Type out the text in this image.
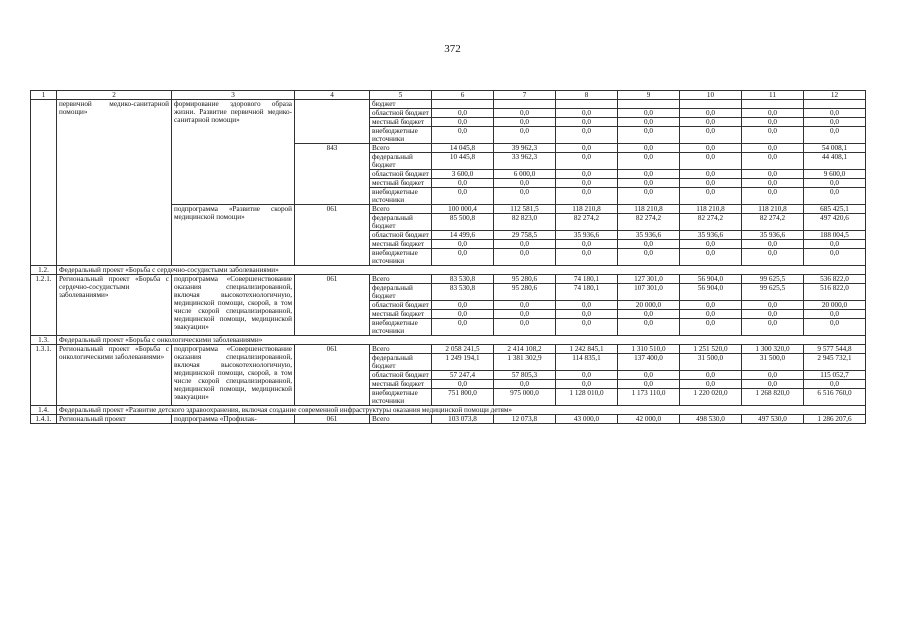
372
1	2	3	4	5	6	7	8	9	10	11	12
	первичной медико-санитарной помощи»	формирование здорового образа жизни. Развитие первичной медико-санитарной помощи»		бюджет							
				областной бюджет	0,0	0,0	0,0	0,0	0,0	0,0	0,0
				местный бюджет	0,0	0,0	0,0	0,0	0,0	0,0	0,0
				внебюджетные источники	0,0	0,0	0,0	0,0	0,0	0,0	0,0
			843	Всего	14 045,8	39 962,3	0,0	0,0	0,0	0,0	54 008,1
				федеральный бюджет	10 445,8	33 962,3	0,0	0,0	0,0	0,0	44 408,1
				областной бюджет	3 600,0	6 000,0	0,0	0,0	0,0	0,0	9 600,0
				местный бюджет	0,0	0,0	0,0	0,0	0,0	0,0	0,0
				внебюджетные источники	0,0	0,0	0,0	0,0	0,0	0,0	0,0
		подпрограмма «Развитие скорой медицинской помощи»	061	Всего	100 000,4	112 581,5	118 210,8	118 210,8	118 210,8	118 210,8	685 425,1
				федеральный бюджет	85 500,8	82 823,0	82 274,2	82 274,2	82 274,2	82 274,2	497 420,6
				областной бюджет	14 499,6	29 758,5	35 936,6	35 936,6	35 936,6	35 936,6	188 004,5
				местный бюджет	0,0	0,0	0,0	0,0	0,0	0,0	0,0
				внебюджетные источники	0,0	0,0	0,0	0,0	0,0	0,0	0,0
1.2.	Федеральный проект «Борьба с сердечно-сосудистыми заболеваниями»										
1.2.1.	Региональный проект «Борьба с сердечно-сосудистыми заболеваниями»	подпрограмма «Совершенствование оказания специализированной, включая высокотехнологичную, медицинской помощи, скорой, в том числе скорой специализированной, медицинской помощи, медицинской эвакуации»	061	Всего	83 530,8	95 280,6	74 180,1	127 301,0	56 904,0	99 625,5	536 822,0
				федеральный бюджет	83 530,8	95 280,6	74 180,1	107 301,0	56 904,0	99 625,5	516 822,0
				областной бюджет	0,0	0,0	0,0	20 000,0	0,0	0,0	20 000,0
				местный бюджет	0,0	0,0	0,0	0,0	0,0	0,0	0,0
				внебюджетные источники	0,0	0,0	0,0	0,0	0,0	0,0	0,0
1.3.	Федеральный проект «Борьба с онкологическими заболеваниями»										
1.3.1.	Региональный проект «Борьба с онкологическими заболеваниями»	подпрограмма «Совершенствование оказания специализированной, включая высокотехнологичную, медицинской помощи, скорой, в том числе скорой специализированной, медицинской помощи, медицинской эвакуации»	061	Всего	2 058 241,5	2 414 108,2	1 242 845,1	1 310 510,0	1 251 520,0	1 300 320,0	9 577 544,8
				федеральный бюджет	1 249 194,1	1 381 302,9	114 835,1	137 400,0	31 500,0	31 500,0	2 945 732,1
				областной бюджет	57 247,4	57 805,3	0,0	0,0	0,0	0,0	115 052,7
				местный бюджет	0,0	0,0	0,0	0,0	0,0	0,0	0,0
				внебюджетные источники	751 800,0	975 000,0	1 128 010,0	1 173 110,0	1 220 020,0	1 268 820,0	6 516 760,0
1.4.	Федеральный проект «Развитие детского здравоохранения, включая создание современной инфраструктуры оказания медицинской помощи детям»										
1.4.1.	Региональный проект	подпрограмма «Профилак-	061	Всего	103 073,8	12 073,8	43 000,0	42 000,0	498 530,0	497 530,0	1 286 207,6
